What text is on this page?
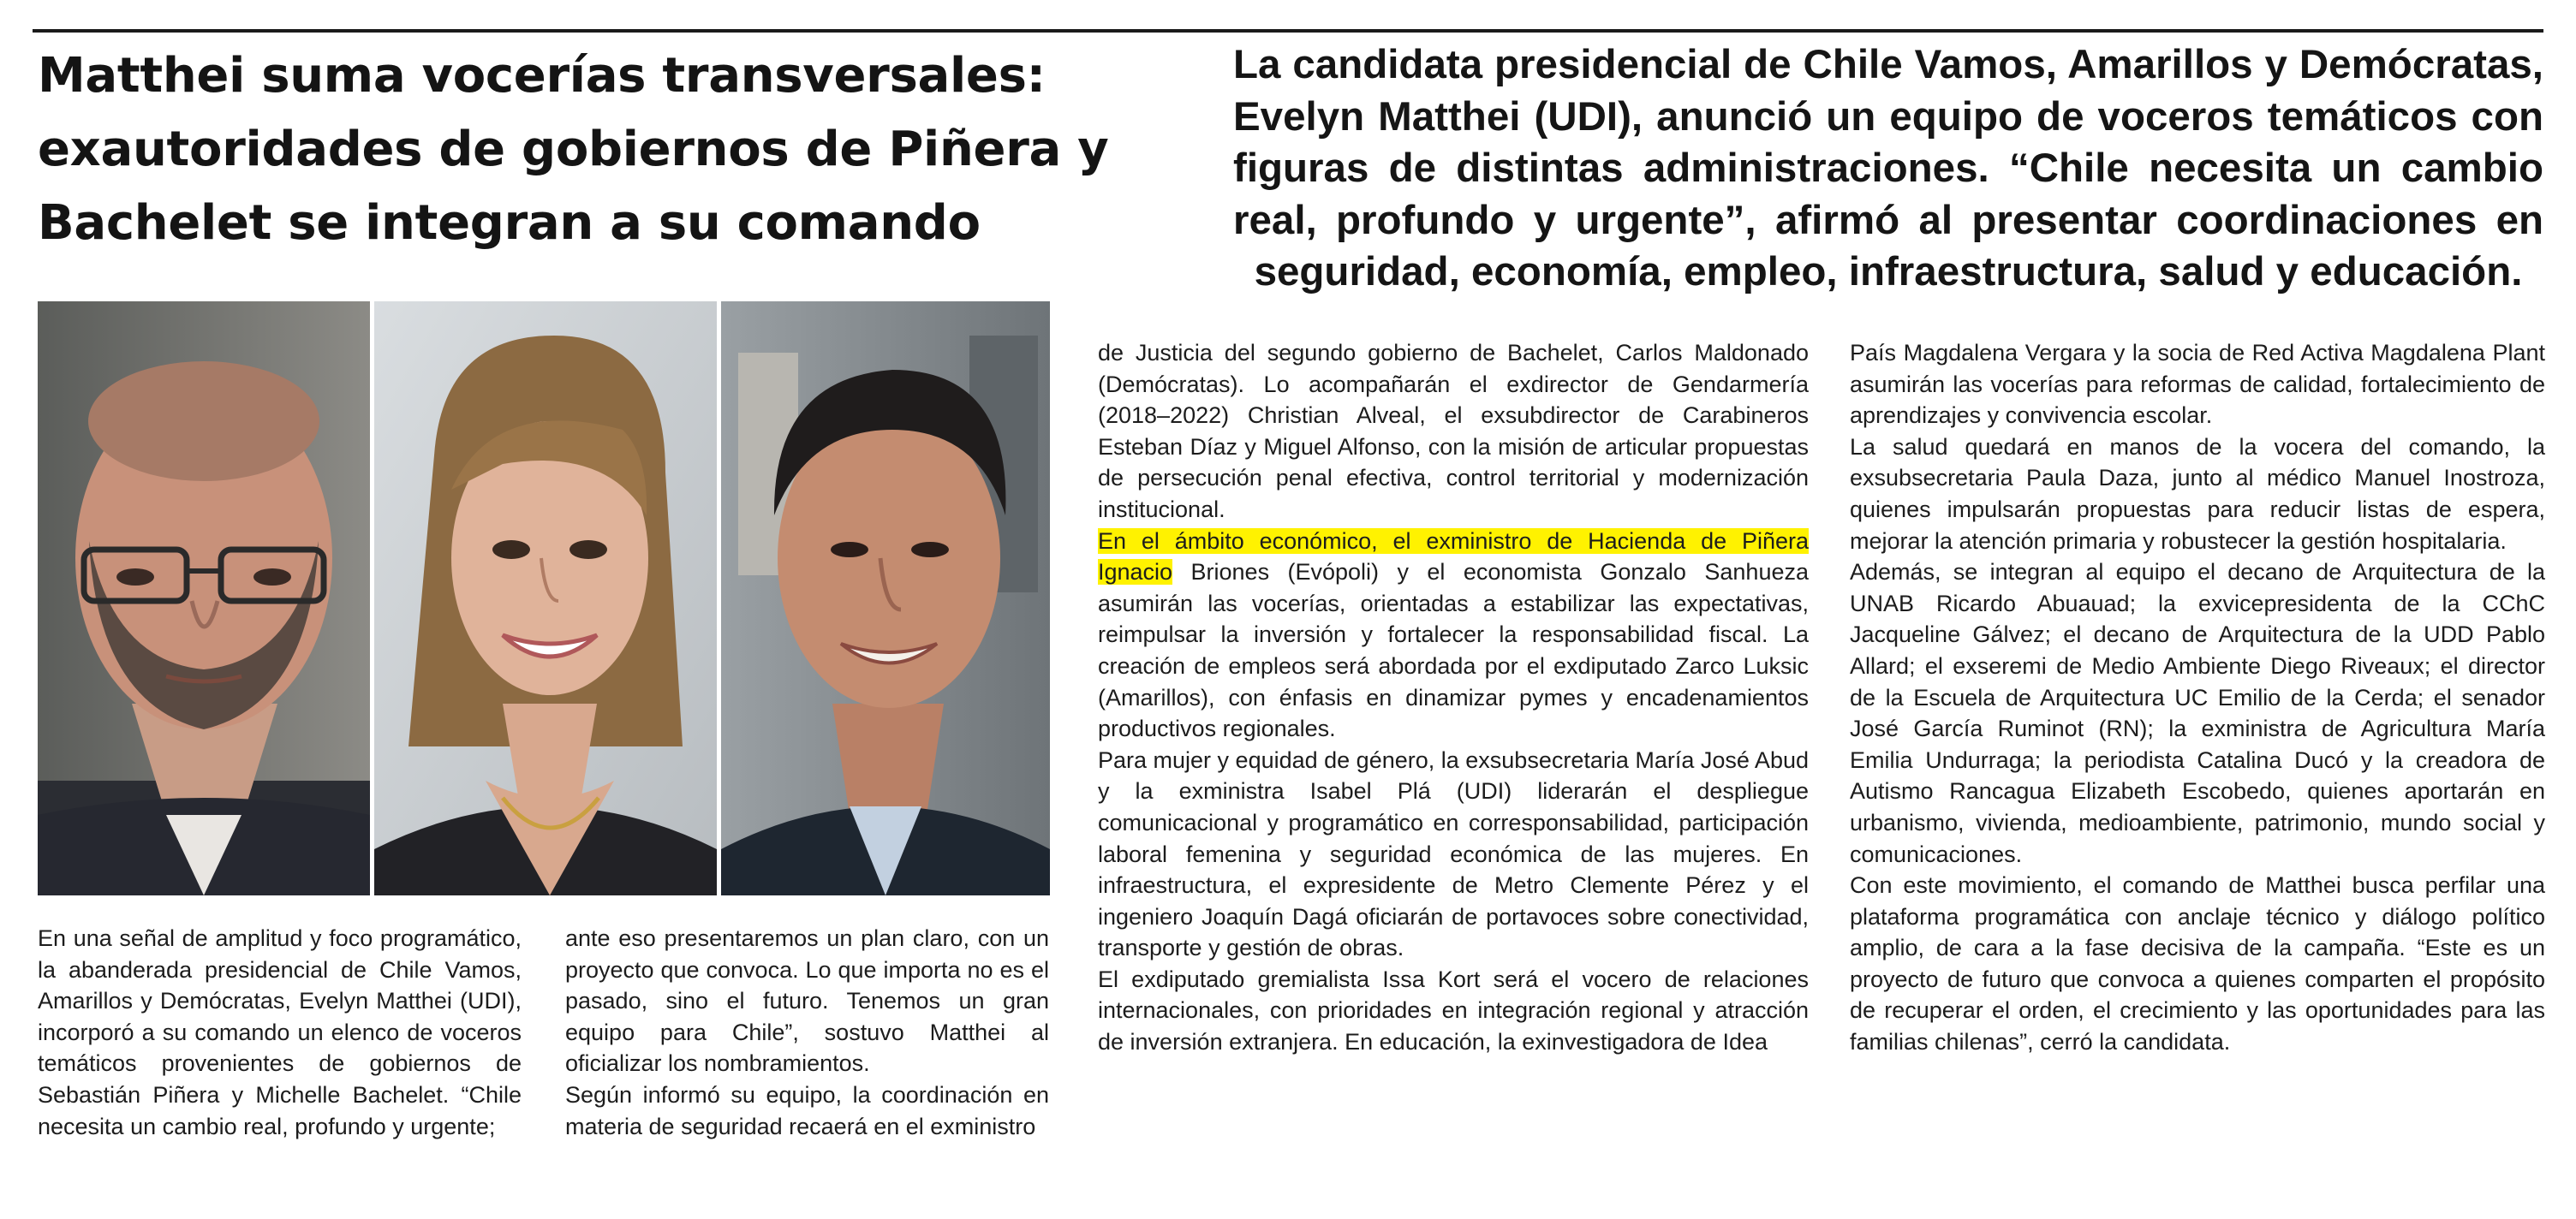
Matthei suma vocerías transversales: exautoridades de gobiernos de Piñera y Bachelet se integran a su comando

La candidata presidencial de Chile Vamos, Amarillos y Demócratas, Evelyn Matthei (UDI), anunció un equipo de voceros temáticos con figuras de distintas administraciones. “Chile necesita un cambio real, profundo y urgente”, afirmó al presentar coordinaciones en seguridad, economía, empleo, infraestructura, salud y educación.

En una señal de amplitud y foco programático, la abanderada presidencial de Chile Vamos, Amarillos y Demócratas, Evelyn Matthei (UDI), incorporó a su comando un elenco de voceros temáticos provenientes de gobiernos de Sebastián Piñera y Michelle Bachelet. “Chile necesita un cambio real, profundo y urgente;

ante eso presentaremos un plan claro, con un proyecto que convoca. Lo que importa no es el pasado, sino el futuro. Tenemos un gran equipo para Chile”, sostuvo Matthei al oficializar los nombramientos.

Según informó su equipo, la coordinación en materia de seguridad recaerá en el exministro

de Justicia del segundo gobierno de Bachelet, Carlos Maldonado (Demócratas). Lo acompañarán el exdirector de Gendarmería (2018–2022) Christian Alveal, el exsubdirector de Carabineros Esteban Díaz y Miguel Alfonso, con la misión de articular propuestas de persecución penal efectiva, control territorial y modernización institucional.

En el ámbito económico, el exministro de Hacienda de Piñera Ignacio Briones (Evópoli) y el economista Gonzalo Sanhueza asumirán las vocerías, orientadas a estabilizar las expectativas, reimpulsar la inversión y fortalecer la responsabilidad fiscal. La creación de empleos será abordada por el exdiputado Zarco Luksic (Amarillos), con énfasis en dinamizar pymes y encadenamientos productivos regionales.

Para mujer y equidad de género, la exsubsecretaria María José Abud y la exministra Isabel Plá (UDI) liderarán el despliegue comunicacional y programático en corresponsabilidad, participación laboral femenina y seguridad económica de las mujeres. En infraestructura, el expresidente de Metro Clemente Pérez y el ingeniero Joaquín Dagá oficiarán de portavoces sobre conectividad, transporte y gestión de obras.

El exdiputado gremialista Issa Kort será el vocero de relaciones internacionales, con prioridades en integración regional y atracción de inversión extranjera. En educación, la exinvestigadora de Idea

País Magdalena Vergara y la socia de Red Activa Magdalena Plant asumirán las vocerías para reformas de calidad, fortalecimiento de aprendizajes y convivencia escolar.

La salud quedará en manos de la vocera del comando, la exsubsecretaria Paula Daza, junto al médico Manuel Inostroza, quienes impulsarán propuestas para reducir listas de espera, mejorar la atención primaria y robustecer la gestión hospitalaria.

Además, se integran al equipo el decano de Arquitectura de la UNAB Ricardo Abuauad; la exvicepresidenta de la CChC Jacqueline Gálvez; el decano de Arquitectura de la UDD Pablo Allard; el exseremi de Medio Ambiente Diego Riveaux; el director de la Escuela de Arquitectura UC Emilio de la Cerda; el senador José García Ruminot (RN); la exministra de Agricultura María Emilia Undurraga; la periodista Catalina Ducó y la creadora de Autismo Rancagua Elizabeth Escobedo, quienes aportarán en urbanismo, vivienda, medioambiente, patrimonio, mundo social y comunicaciones.

Con este movimiento, el comando de Matthei busca perfilar una plataforma programática con anclaje técnico y diálogo político amplio, de cara a la fase decisiva de la campaña. “Este es un proyecto de futuro que convoca a quienes comparten el propósito de recuperar el orden, el crecimiento y las oportunidades para las familias chilenas”, cerró la candidata.
